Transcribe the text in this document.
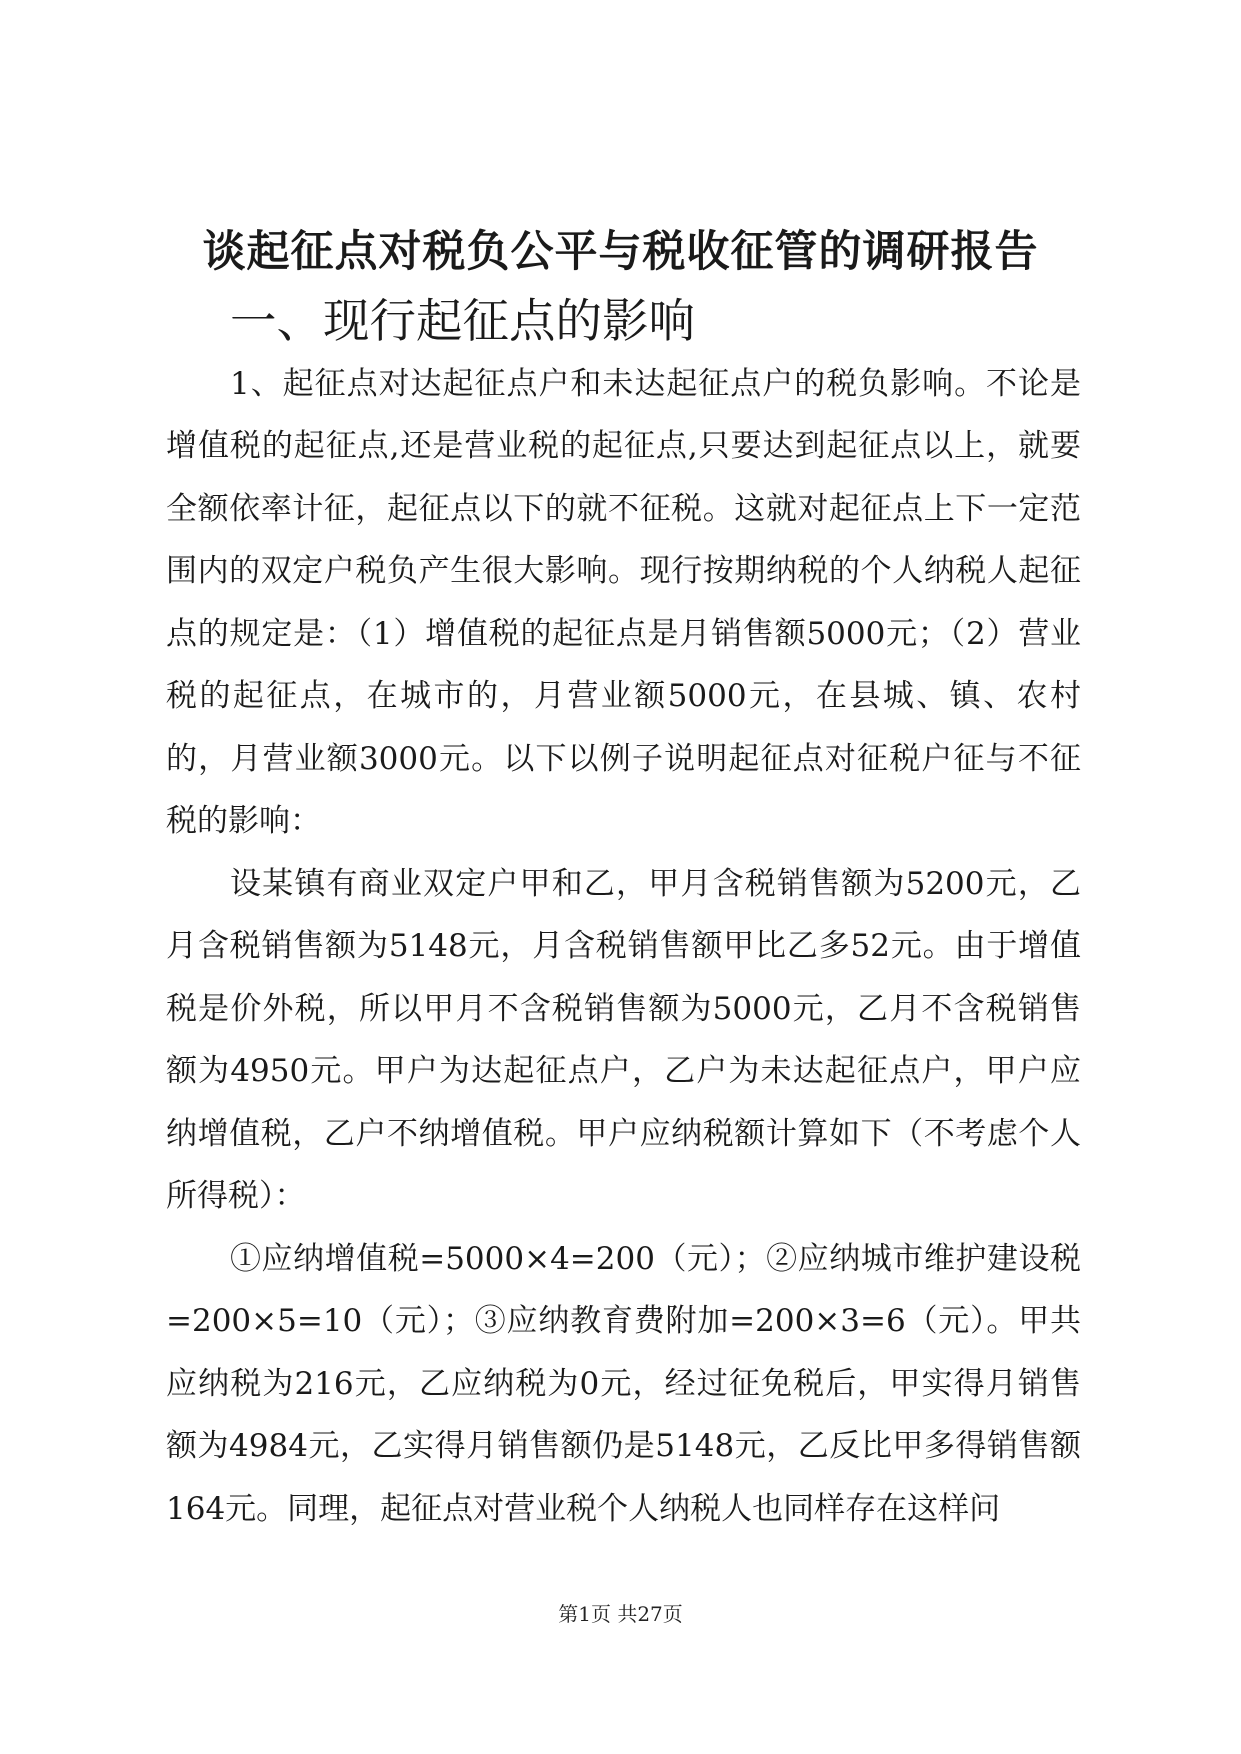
谈起征点对税负公平与税收征管的调研报告
一、现行起征点的影响

1、起征点对达起征点户和未达起征点户的税负影响。不论是增值税的起征点,还是营业税的起征点,只要达到起征点以上，就要全额依率计征，起征点以下的就不征税。这就对起征点上下一定范围内的双定户税负产生很大影响。现行按期纳税的个人纳税人起征点的规定是：（1）增值税的起征点是月销售额5000元；（2）营业税的起征点，在城市的，月营业额5000元，在县城、镇、农村的，月营业额3000元。以下以例子说明起征点对征税户征与不征税的影响：

设某镇有商业双定户甲和乙，甲月含税销售额为5200元，乙月含税销售额为5148元，月含税销售额甲比乙多52元。由于增值税是价外税，所以甲月不含税销售额为5000元，乙月不含税销售额为4950元。甲户为达起征点户，乙户为未达起征点户，甲户应纳增值税，乙户不纳增值税。甲户应纳税额计算如下（不考虑个人所得税）：

①应纳增值税=5000×4=200（元）；②应纳城市维护建设税=200×5=10（元）；③应纳教育费附加=200×3=6（元）。甲共应纳税为216元，乙应纳税为0元，经过征免税后，甲实得月销售额为4984元，乙实得月销售额仍是5148元，乙反比甲多得销售额164元。同理，起征点对营业税个人纳税人也同样存在这样问

第1页 共27页
